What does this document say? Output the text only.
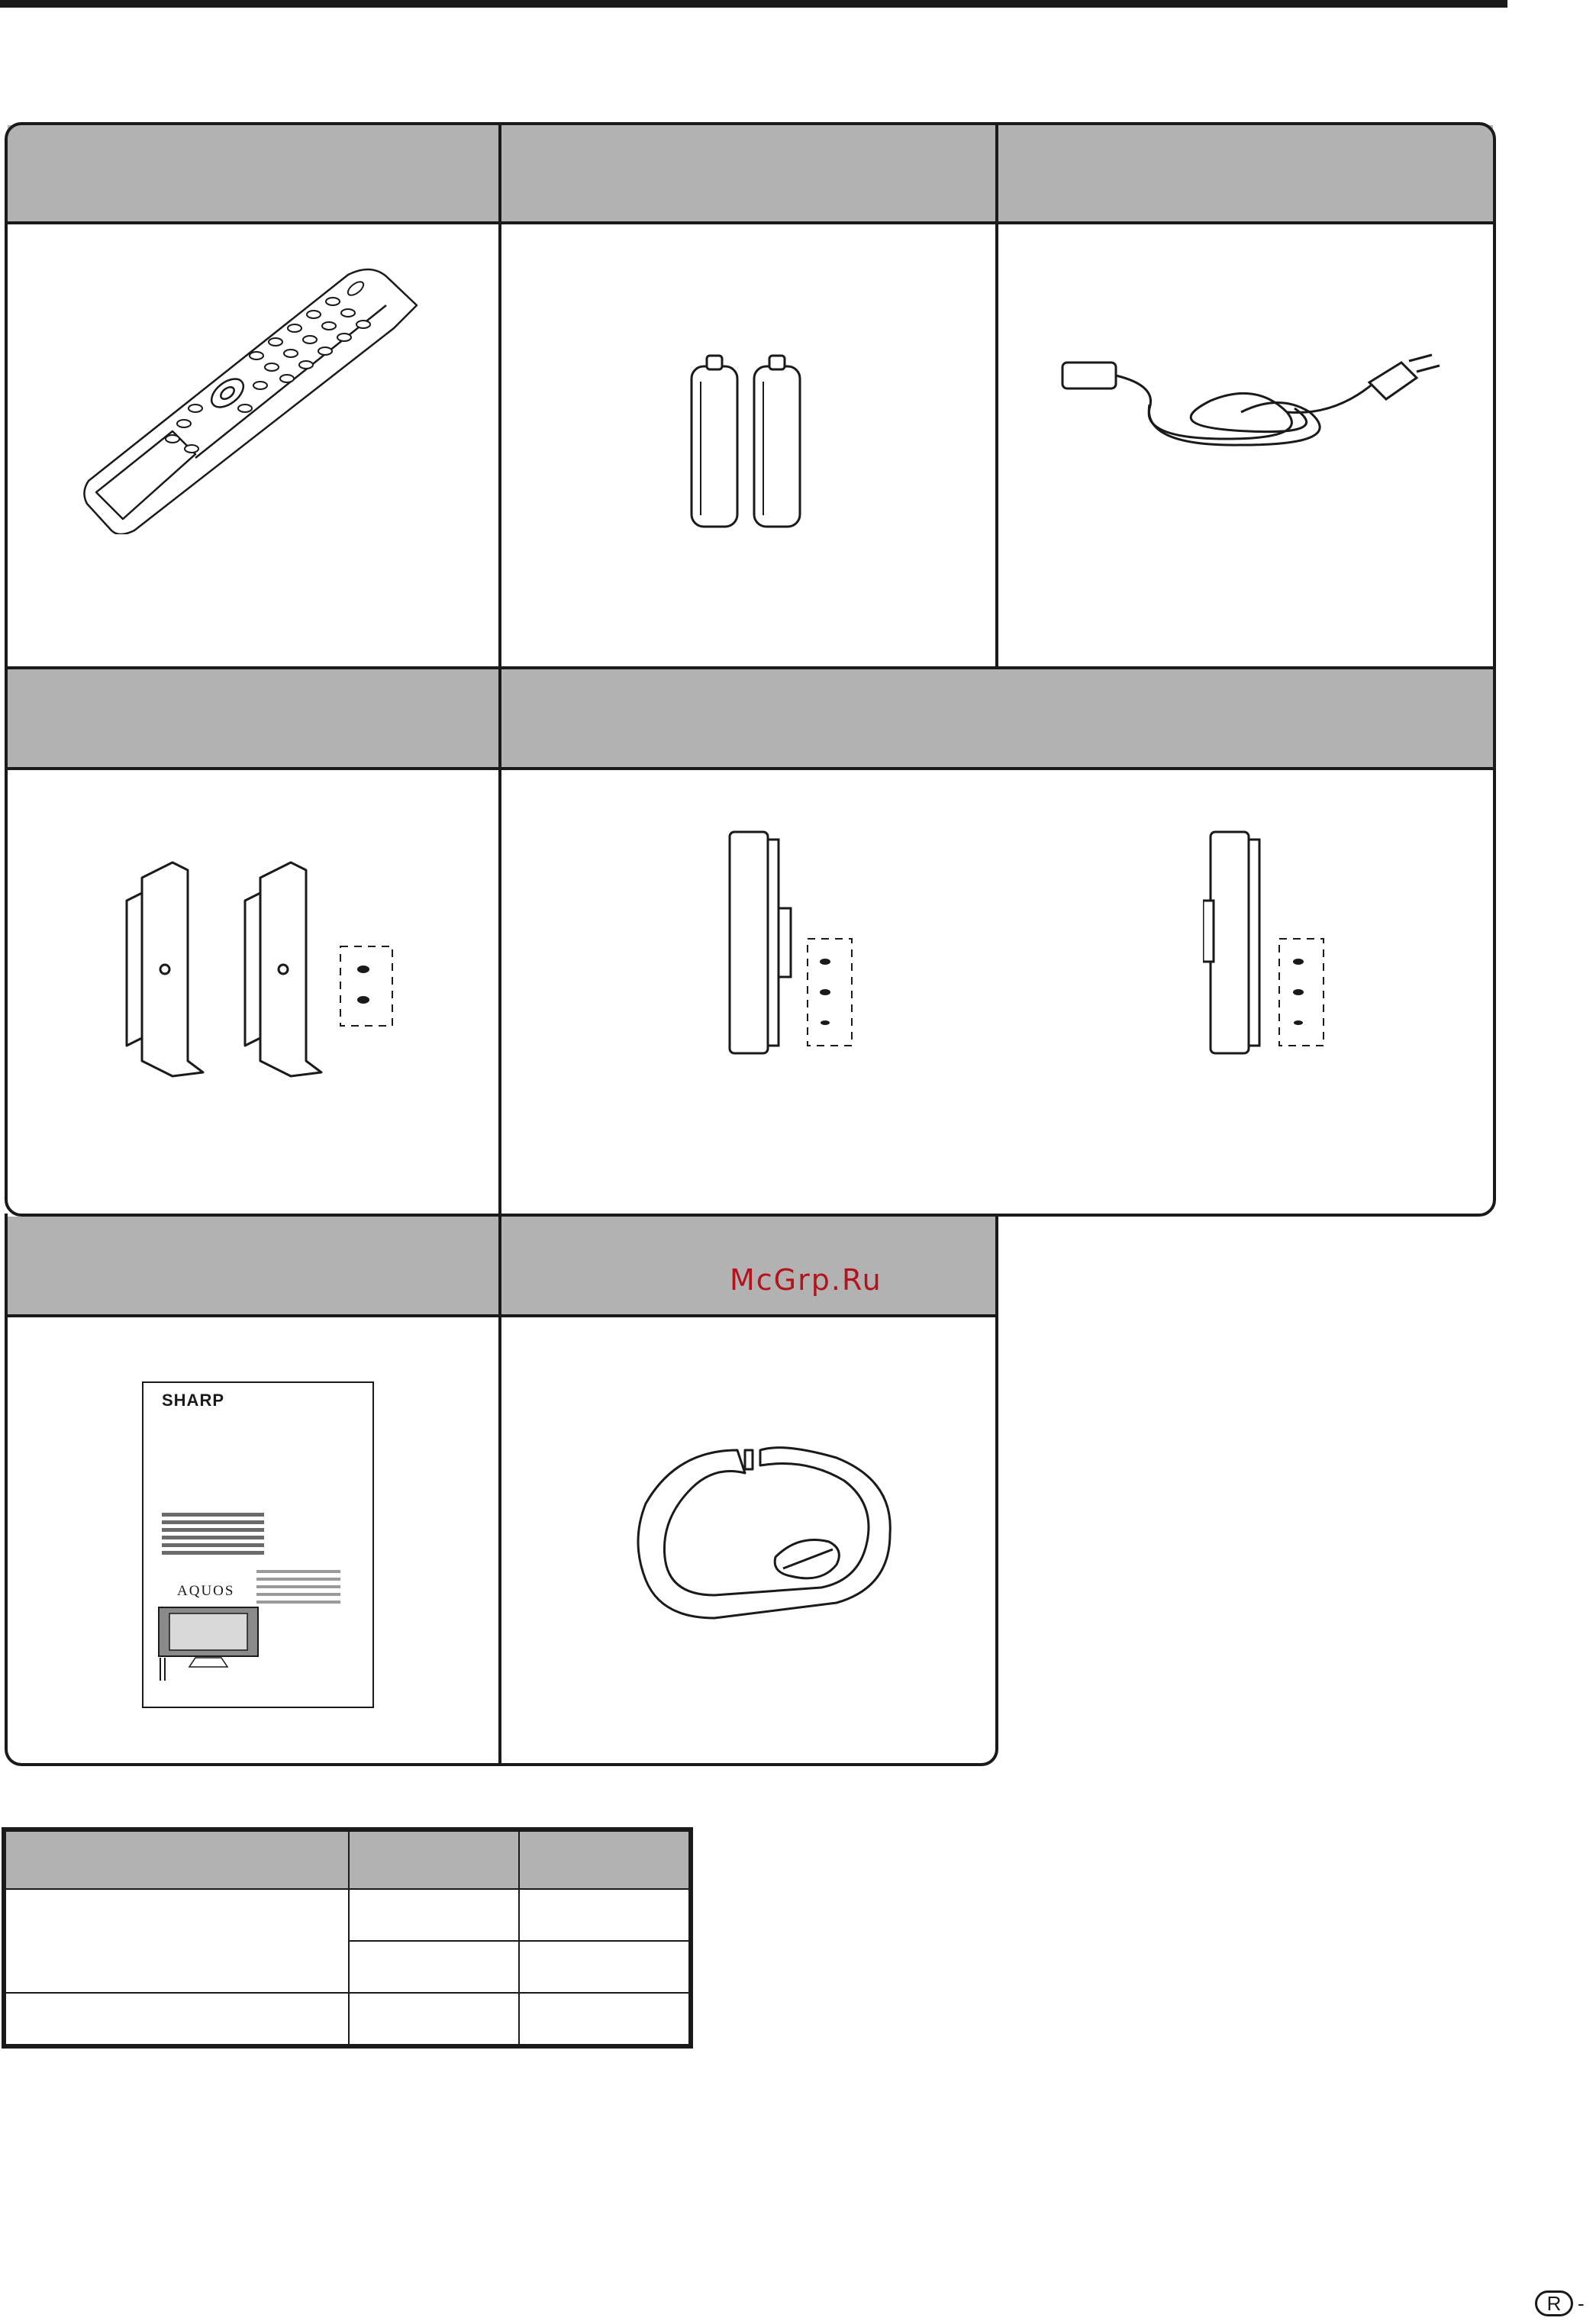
McGrp.Ru
SHARP
AQUOS

R -
